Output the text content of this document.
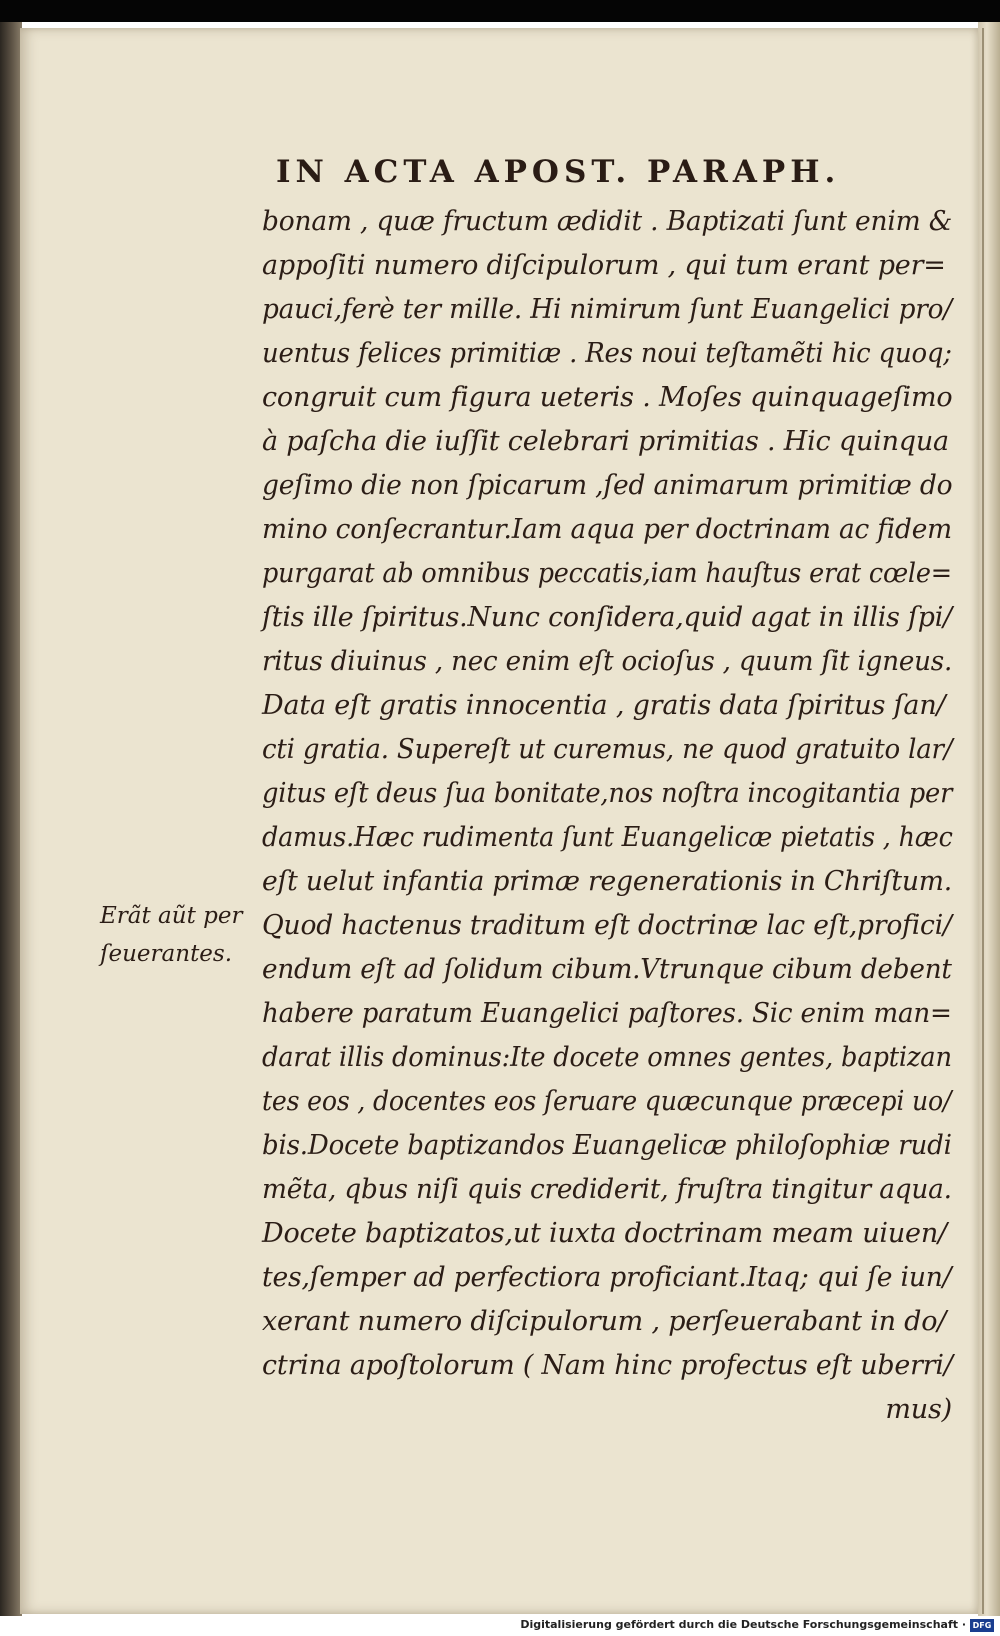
IN ACTA APOST. PARAPH.
bonam , quæ fructum ædidit . Baptizati ſunt enim &
appoſiti numero diſcipulorum , qui tum erant per=
pauci,ferè ter mille. Hi nimirum ſunt Euangelici pro/
uentus felices primitiæ . Res noui teſtamẽti hic quoq;
congruit cum figura ueteris . Moſes quinquageſimo
à paſcha die iuſſit celebrari primitias . Hic quinqua
geſimo die non ſpicarum ,ſed animarum primitiæ do
mino conſecrantur.Iam aqua per doctrinam ac fidem
purgarat ab omnibus peccatis,iam hauſtus erat cœle=
ſtis ille ſpiritus.Nunc conſidera,quid agat in illis ſpi/
ritus diuinus , nec enim eſt ocioſus , quum ſit igneus.
Data eſt gratis innocentia , gratis data ſpiritus ſan/
cti gratia. Supereſt ut curemus, ne quod gratuito lar/
gitus eſt deus ſua bonitate,nos noſtra incogitantia per
damus.Hæc rudimenta ſunt Euangelicæ pietatis , hæc
eſt uelut infantia primæ regenerationis in Chriſtum.
Quod hactenus traditum eſt doctrinæ lac eſt,profici/
endum eſt ad ſolidum cibum.Vtrunque cibum debent
habere paratum Euangelici paſtores. Sic enim man=
darat illis dominus:Ite docete omnes gentes, baptizan
tes eos , docentes eos ſeruare quæcunque præcepi uo/
bis.Docete baptizandos Euangelicæ philoſophiæ rudi
mẽta, qbus niſi quis crediderit, fruſtra tingitur aqua.
Docete baptizatos,ut iuxta doctrinam meam uiuen/
tes,ſemper ad perfectiora proficiant.Itaq; qui ſe iun/
xerant numero diſcipulorum , perſeuerabant in do/
ctrina apoſtolorum ( Nam hinc profectus eſt uberri/
mus)
Erãt aũt per
ſeuerantes.
Digitalisierung gefördert durch die Deutsche Forschungsgemeinschaft · DFG
